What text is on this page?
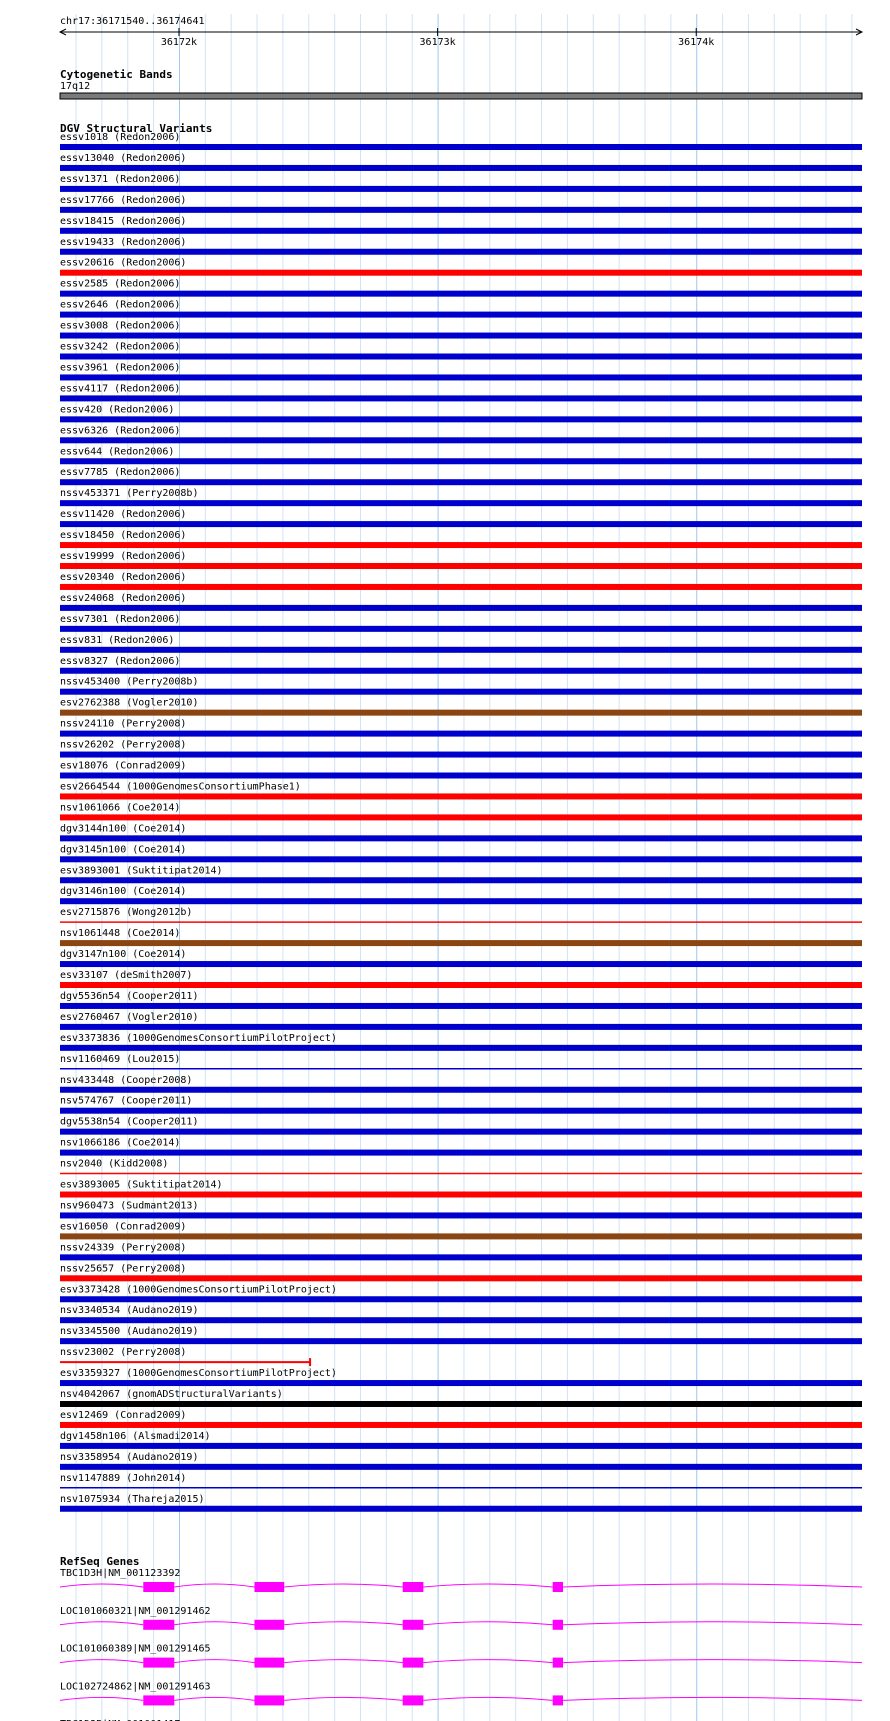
chr17:36171540..36174641
36172k	36173k	36174k
Cytogenetic Bands
17q12
DGV Structural Variants
essv1018 (Redon2006)
essv13040 (Redon2006)
essv1371 (Redon2006)
essv17766 (Redon2006)
essv18415 (Redon2006)
essv19433 (Redon2006)
essv20616 (Redon2006)
essv2585 (Redon2006)
essv2646 (Redon2006)
essv3008 (Redon2006)
essv3242 (Redon2006)
essv3961 (Redon2006)
essv4117 (Redon2006)
essv420 (Redon2006)
essv6326 (Redon2006)
essv644 (Redon2006)
essv7785 (Redon2006)
nssv453371 (Perry2008b)
essv11420 (Redon2006)
essv18450 (Redon2006)
essv19999 (Redon2006)
essv20340 (Redon2006)
essv24068 (Redon2006)
essv7301 (Redon2006)
essv831 (Redon2006)
essv8327 (Redon2006)
nssv453400 (Perry2008b)
esv2762388 (Vogler2010)
nssv24110 (Perry2008)
nssv26202 (Perry2008)
esv18076 (Conrad2009)
esv2664544 (1000GenomesConsortiumPhase1)
nsv1061066 (Coe2014)
dgv3144n100 (Coe2014)
dgv3145n100 (Coe2014)
esv3893001 (Suktitipat2014)
dgv3146n100 (Coe2014)
esv2715876 (Wong2012b)
nsv1061448 (Coe2014)
dgv3147n100 (Coe2014)
esv33107 (deSmith2007)
dgv5536n54 (Cooper2011)
esv2760467 (Vogler2010)
esv3373836 (1000GenomesConsortiumPilotProject)
nsv1160469 (Lou2015)
nsv433448 (Cooper2008)
nsv574767 (Cooper2011)
dgv5538n54 (Cooper2011)
nsv1066186 (Coe2014)
nsv2040 (Kidd2008)
esv3893005 (Suktitipat2014)
nsv960473 (Sudmant2013)
esv16050 (Conrad2009)
nssv24339 (Perry2008)
nssv25657 (Perry2008)
esv3373428 (1000GenomesConsortiumPilotProject)
nsv3340534 (Audano2019)
nsv3345500 (Audano2019)
nssv23002 (Perry2008)
esv3359327 (1000GenomesConsortiumPilotProject)
nsv4042067 (gnomADStructuralVariants)
esv12469 (Conrad2009)
dgv1458n106 (Alsmadi2014)
nsv3358954 (Audano2019)
nsv1147889 (John2014)
nsv1075934 (Thareja2015)
RefSeq Genes
TBC1D3H|NM_001123392
LOC101060321|NM_001291462
LOC101060389|NM_001291465
LOC102724862|NM_001291463
